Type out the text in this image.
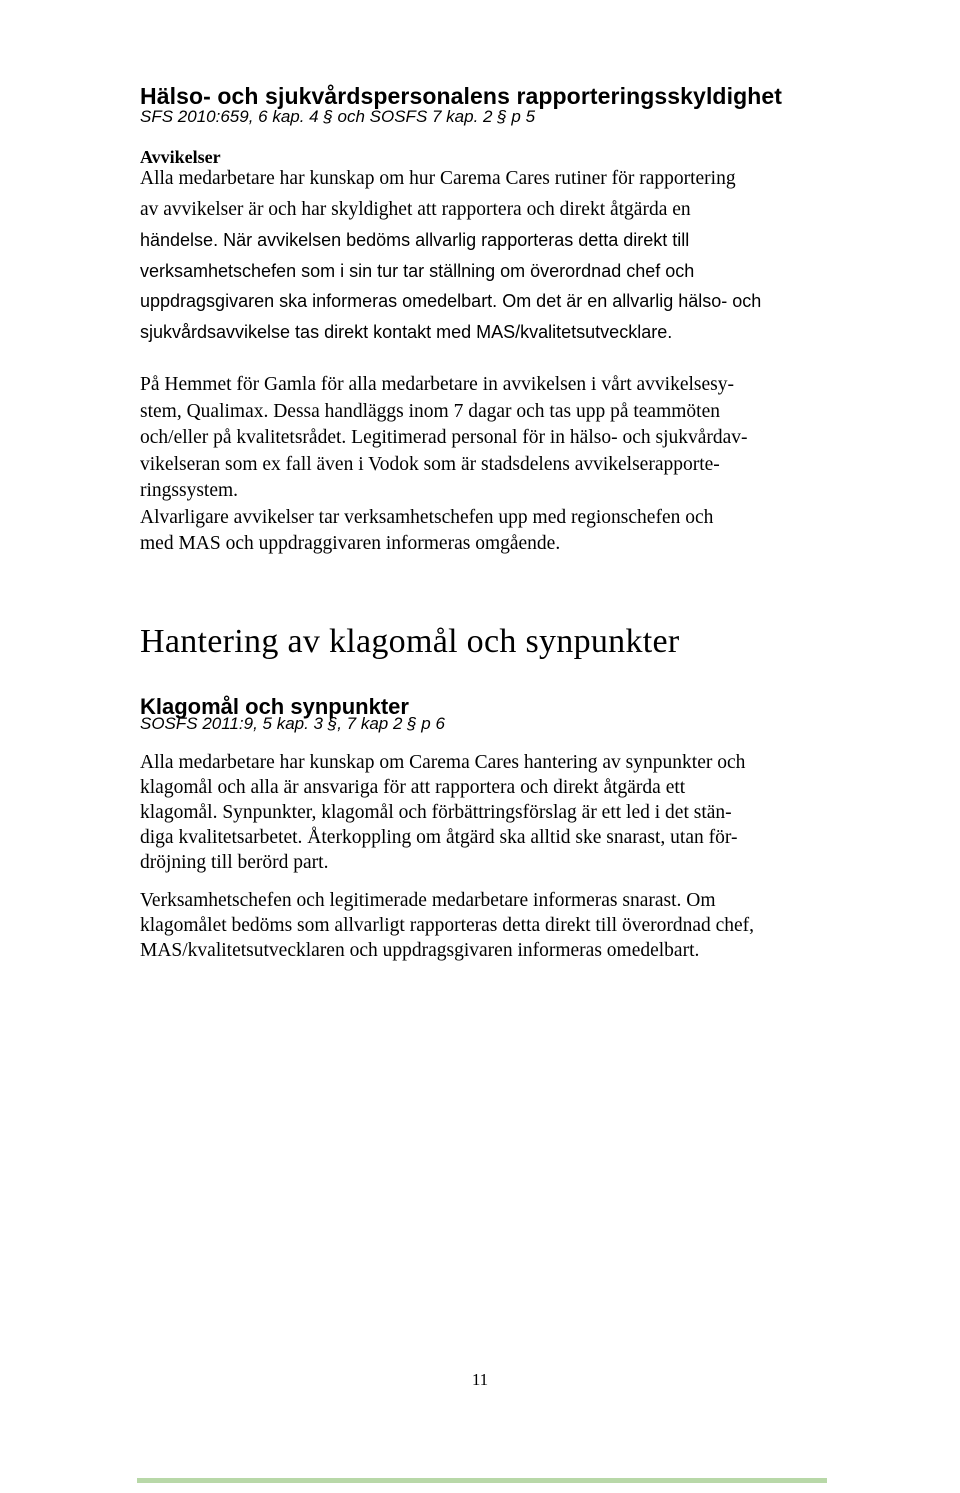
Hälso- och sjukvårdspersonalens rapporteringsskyldighet
SFS 2010:659, 6 kap. 4 § och SOSFS 7 kap. 2 § p 5
Avvikelser
Alla medarbetare har kunskap om hur Carema Cares rutiner för rapportering
av avvikelser är och har skyldighet att rapportera och direkt åtgärda en
händelse. När avvikelsen bedöms allvarlig rapporteras detta direkt till
verksamhetschefen som i sin tur tar ställning om överordnad chef och
uppdragsgivaren ska informeras omedelbart. Om det är en allvarlig hälso- och
sjukvårdsavvikelse tas direkt kontakt med MAS/kvalitetsutvecklare.
På Hemmet för Gamla för alla medarbetare in avvikelsen i vårt avvikelsesy-
stem, Qualimax. Dessa handläggs inom 7 dagar och tas upp på teammöten
och/eller på kvalitetsrådet. Legitimerad personal för in hälso- och sjukvårdav-
vikelseran som ex fall även i Vodok som är stadsdelens avvikelserapporte-
ringssystem.
Alvarligare avvikelser tar verksamhetschefen upp med regionschefen och
med MAS och uppdraggivaren informeras omgående.
Hantering av klagomål och synpunkter
Klagomål och synpunkter
SOSFS 2011:9, 5 kap. 3 §, 7 kap 2 § p 6
Alla medarbetare har kunskap om Carema Cares hantering av synpunkter och
klagomål och alla är ansvariga för att rapportera och direkt åtgärda ett
klagomål. Synpunkter, klagomål och förbättringsförslag är ett led i det stän-
diga kvalitetsarbetet. Återkoppling om åtgärd ska alltid ske snarast, utan för-
dröjning till berörd part.
Verksamhetschefen och legitimerade medarbetare informeras snarast. Om
klagomålet bedöms som allvarligt rapporteras detta direkt till överordnad chef,
MAS/kvalitetsutvecklaren och uppdragsgivaren informeras omedelbart.
11
